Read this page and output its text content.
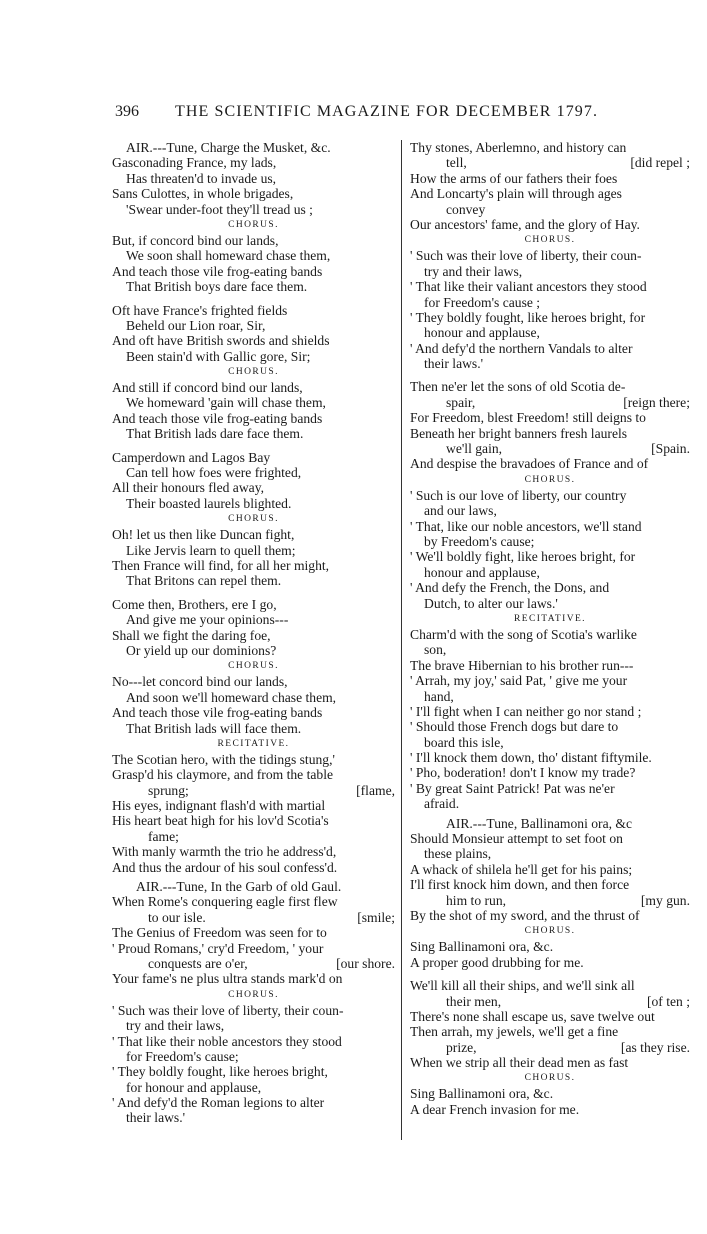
396 THE SCIENTIFIC MAGAZINE FOR DECEMBER 1797.
AIR.---Tune, Charge the Musket, &c.
Gasconading France, my lads,
Has threaten'd to invade us,
Sans Culottes, in whole brigades,
'Swear under-foot they'll tread us ;
CHORUS.
But, if concord bind our lands,
We soon shall homeward chase them,
And teach those vile frog-eating bands
That British boys dare face them.
Oft have France's frighted fields
Beheld our Lion roar, Sir,
And oft have British swords and shields
Been stain'd with Gallic gore, Sir;
CHORUS.
And still if concord bind our lands,
We homeward 'gain will chase them,
And teach those vile frog-eating bands
That British lads dare face them.
Camperdown and Lagos Bay
Can tell how foes were frighted,
All their honours fled away,
Their boasted laurels blighted.
CHORUS.
Oh! let us then like Duncan fight,
Like Jervis learn to quell them;
Then France will find, for all her might,
That Britons can repel them.
Come then, Brothers, ere I go,
And give me your opinions---
Shall we fight the daring foe,
Or yield up our dominions?
CHORUS.
No---let concord bind our lands,
And soon we'll homeward chase them,
And teach those vile frog-eating bands
That British lads will face them.
RECITATIVE.
The Scotian hero, with the tidings stung,'
Grasp'd his claymore, and from the table
sprung;	[flame,
His eyes, indignant flash'd with martial
His heart beat high for his lov'd Scotia's
fame;
With manly warmth the trio he address'd,
And thus the ardour of his soul confess'd.
AIR.---Tune, In the Garb of old Gaul.
When Rome's conquering eagle first flew
to our isle.	[smile;
The Genius of Freedom was seen for to
' Proud Romans,' cry'd Freedom, ' your
conquests are o'er,	[our shore.
Your fame's ne plus ultra stands mark'd on
CHORUS.
' Such was their love of liberty, their coun-
try and their laws,
' That like their noble ancestors they stood
for Freedom's cause;
' They boldly fought, like heroes bright,
for honour and applause,
' And defy'd the Roman legions to alter
their laws.'
Thy stones, Aberlemno, and history can
tell,	[did repel ;
How the arms of our fathers their foes
And Loncarty's plain will through ages
convey
Our ancestors' fame, and the glory of Hay.
CHORUS.
' Such was their love of liberty, their coun-
try and their laws,
' That like their valiant ancestors they stood
for Freedom's cause ;
' They boldly fought, like heroes bright, for
honour and applause,
' And defy'd the northern Vandals to alter
their laws.'
Then ne'er let the sons of old Scotia de-
spair,	[reign there;
For Freedom, blest Freedom! still deigns to
Beneath her bright banners fresh laurels
we'll gain,	[Spain.
And despise the bravadoes of France and of
CHORUS.
' Such is our love of liberty, our country
and our laws,
' That, like our noble ancestors, we'll stand
by Freedom's cause;
' We'll boldly fight, like heroes bright, for
honour and applause,
' And defy the French, the Dons, and
Dutch, to alter our laws.'
RECITATIVE.
Charm'd with the song of Scotia's warlike
son,
The brave Hibernian to his brother run---
' Arrah, my joy,' said Pat, ' give me your
hand,
' I'll fight when I can neither go nor stand ;
' Should those French dogs but dare to
board this isle,
' I'll knock them down, tho' distant fiftymile.
' Pho, boderation! don't I know my trade?
' By great Saint Patrick! Pat was ne'er
afraid.
AIR.---Tune, Ballinamoni ora, &c
Should Monsieur attempt to set foot on
these plains,
A whack of shilela he'll get for his pains;
I'll first knock him down, and then force
him to run,	[my gun.
By the shot of my sword, and the thrust of
CHORUS.
Sing Ballinamoni ora, &c.
A proper good drubbing for me.
We'll kill all their ships, and we'll sink all
their men,	[of ten ;
There's none shall escape us, save twelve out
Then arrah, my jewels, we'll get a fine
prize,	[as they rise.
When we strip all their dead men as fast
CHORUS.
Sing Ballinamoni ora, &c.
A dear French invasion for me.
